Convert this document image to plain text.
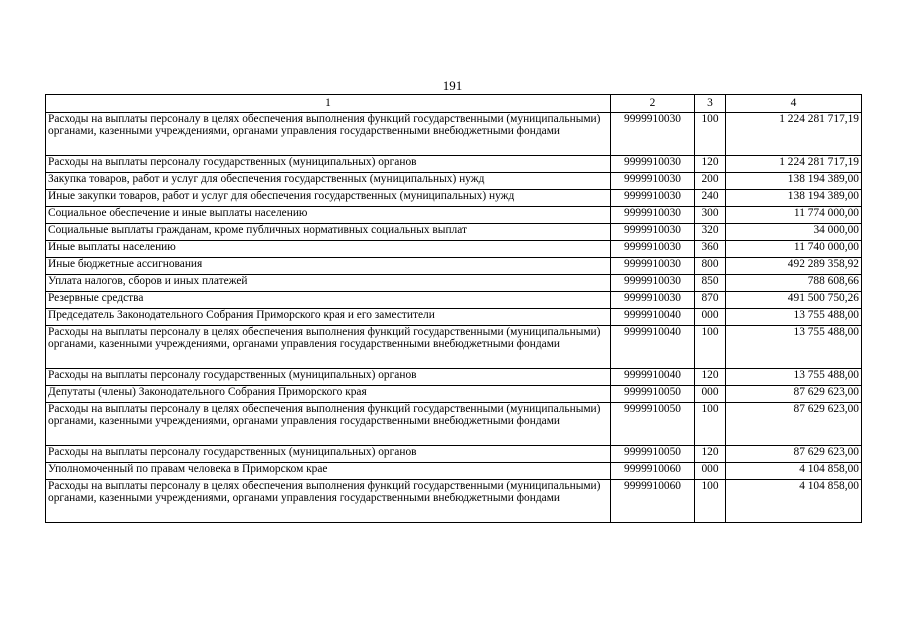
191
1	2	3	4
Расходы на выплаты персоналу в целях обеспечения выполнения функций государственными (муниципальными) органами, казенными учреждениями, органами управления государственными внебюджетными фондами	9999910030	100	1 224 281 717,19
Расходы на выплаты персоналу государственных (муниципальных) органов	9999910030	120	1 224 281 717,19
Закупка товаров, работ и услуг для обеспечения государственных (муниципальных) нужд	9999910030	200	138 194 389,00
Иные закупки товаров, работ и услуг для обеспечения государственных (муниципальных) нужд	9999910030	240	138 194 389,00
Социальное обеспечение и иные выплаты населению	9999910030	300	11 774 000,00
Социальные выплаты гражданам, кроме публичных нормативных социальных выплат	9999910030	320	34 000,00
Иные выплаты населению	9999910030	360	11 740 000,00
Иные бюджетные ассигнования	9999910030	800	492 289 358,92
Уплата налогов, сборов и иных платежей	9999910030	850	788 608,66
Резервные средства	9999910030	870	491 500 750,26
Председатель Законодательного Собрания Приморского края и его заместители	9999910040	000	13 755 488,00
Расходы на выплаты персоналу в целях обеспечения выполнения функций государственными (муниципальными) органами, казенными учреждениями, органами управления государственными внебюджетными фондами	9999910040	100	13 755 488,00
Расходы на выплаты персоналу государственных (муниципальных) органов	9999910040	120	13 755 488,00
Депутаты (члены) Законодательного Собрания Приморского края	9999910050	000	87 629 623,00
Расходы на выплаты персоналу в целях обеспечения выполнения функций государственными (муниципальными) органами, казенными учреждениями, органами управления государственными внебюджетными фондами	9999910050	100	87 629 623,00
Расходы на выплаты персоналу государственных (муниципальных) органов	9999910050	120	87 629 623,00
Уполномоченный по правам человека в Приморском крае	9999910060	000	4 104 858,00
Расходы на выплаты персоналу в целях обеспечения выполнения функций государственными (муниципальными) органами, казенными учреждениями, органами управления государственными внебюджетными фондами	9999910060	100	4 104 858,00
